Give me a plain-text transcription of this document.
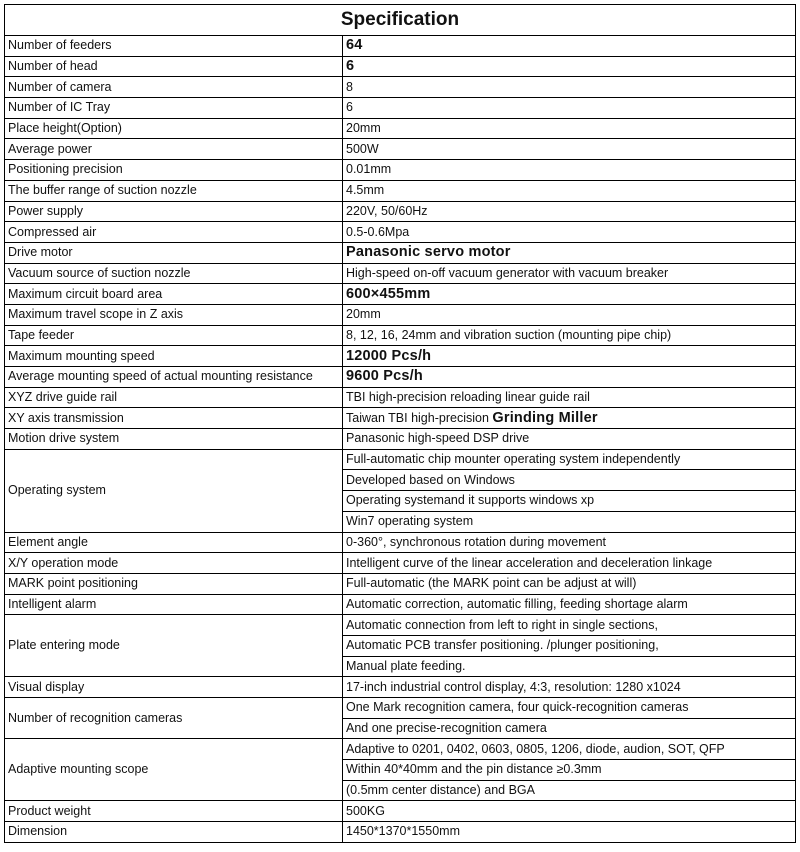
Specification	
Number of feeders	64
Number of head	6
Number of camera	8
Number of IC Tray	6
Place height(Option)	20mm
Average power	500W
Positioning precision	0.01mm
The buffer range of suction nozzle	4.5mm
Power supply	220V, 50/60Hz
Compressed air	0.5-0.6Mpa
Drive motor	Panasonic servo motor
Vacuum source of suction nozzle	High-speed on-off vacuum generator with vacuum breaker
Maximum circuit board area	600×455mm
Maximum travel scope in Z axis	20mm
Tape feeder	8, 12, 16, 24mm and vibration suction (mounting pipe chip)
Maximum mounting speed	12000 Pcs/h
Average mounting speed of actual mounting resistance	9600 Pcs/h
XYZ drive guide rail	TBI high-precision reloading linear guide rail
XY axis transmission	Taiwan TBI high-precision Grinding Miller
Motion drive system	Panasonic high-speed DSP drive
Operating system	Full-automatic chip mounter operating system independently
	Developed based on Windows
	Operating systemand it supports windows xp
	Win7 operating system
Element angle	0-360°, synchronous rotation during movement
X/Y operation mode	Intelligent curve of the linear acceleration and deceleration linkage
MARK point positioning	Full-automatic (the MARK point can be adjust at will)
Intelligent alarm	Automatic correction, automatic filling, feeding shortage alarm
Plate entering mode	Automatic connection from left to right in single sections,
	Automatic PCB transfer positioning. /plunger positioning,
	Manual plate feeding.
Visual display	17-inch industrial control display, 4:3, resolution: 1280 x1024
Number of recognition cameras	One Mark recognition camera, four quick-recognition cameras
	And one precise-recognition camera
Adaptive mounting scope	Adaptive to 0201, 0402, 0603, 0805, 1206, diode, audion, SOT, QFP
	Within 40*40mm and the pin distance ≥0.3mm
	(0.5mm center distance) and BGA
Product weight	500KG
Dimension	1450*1370*1550mm
